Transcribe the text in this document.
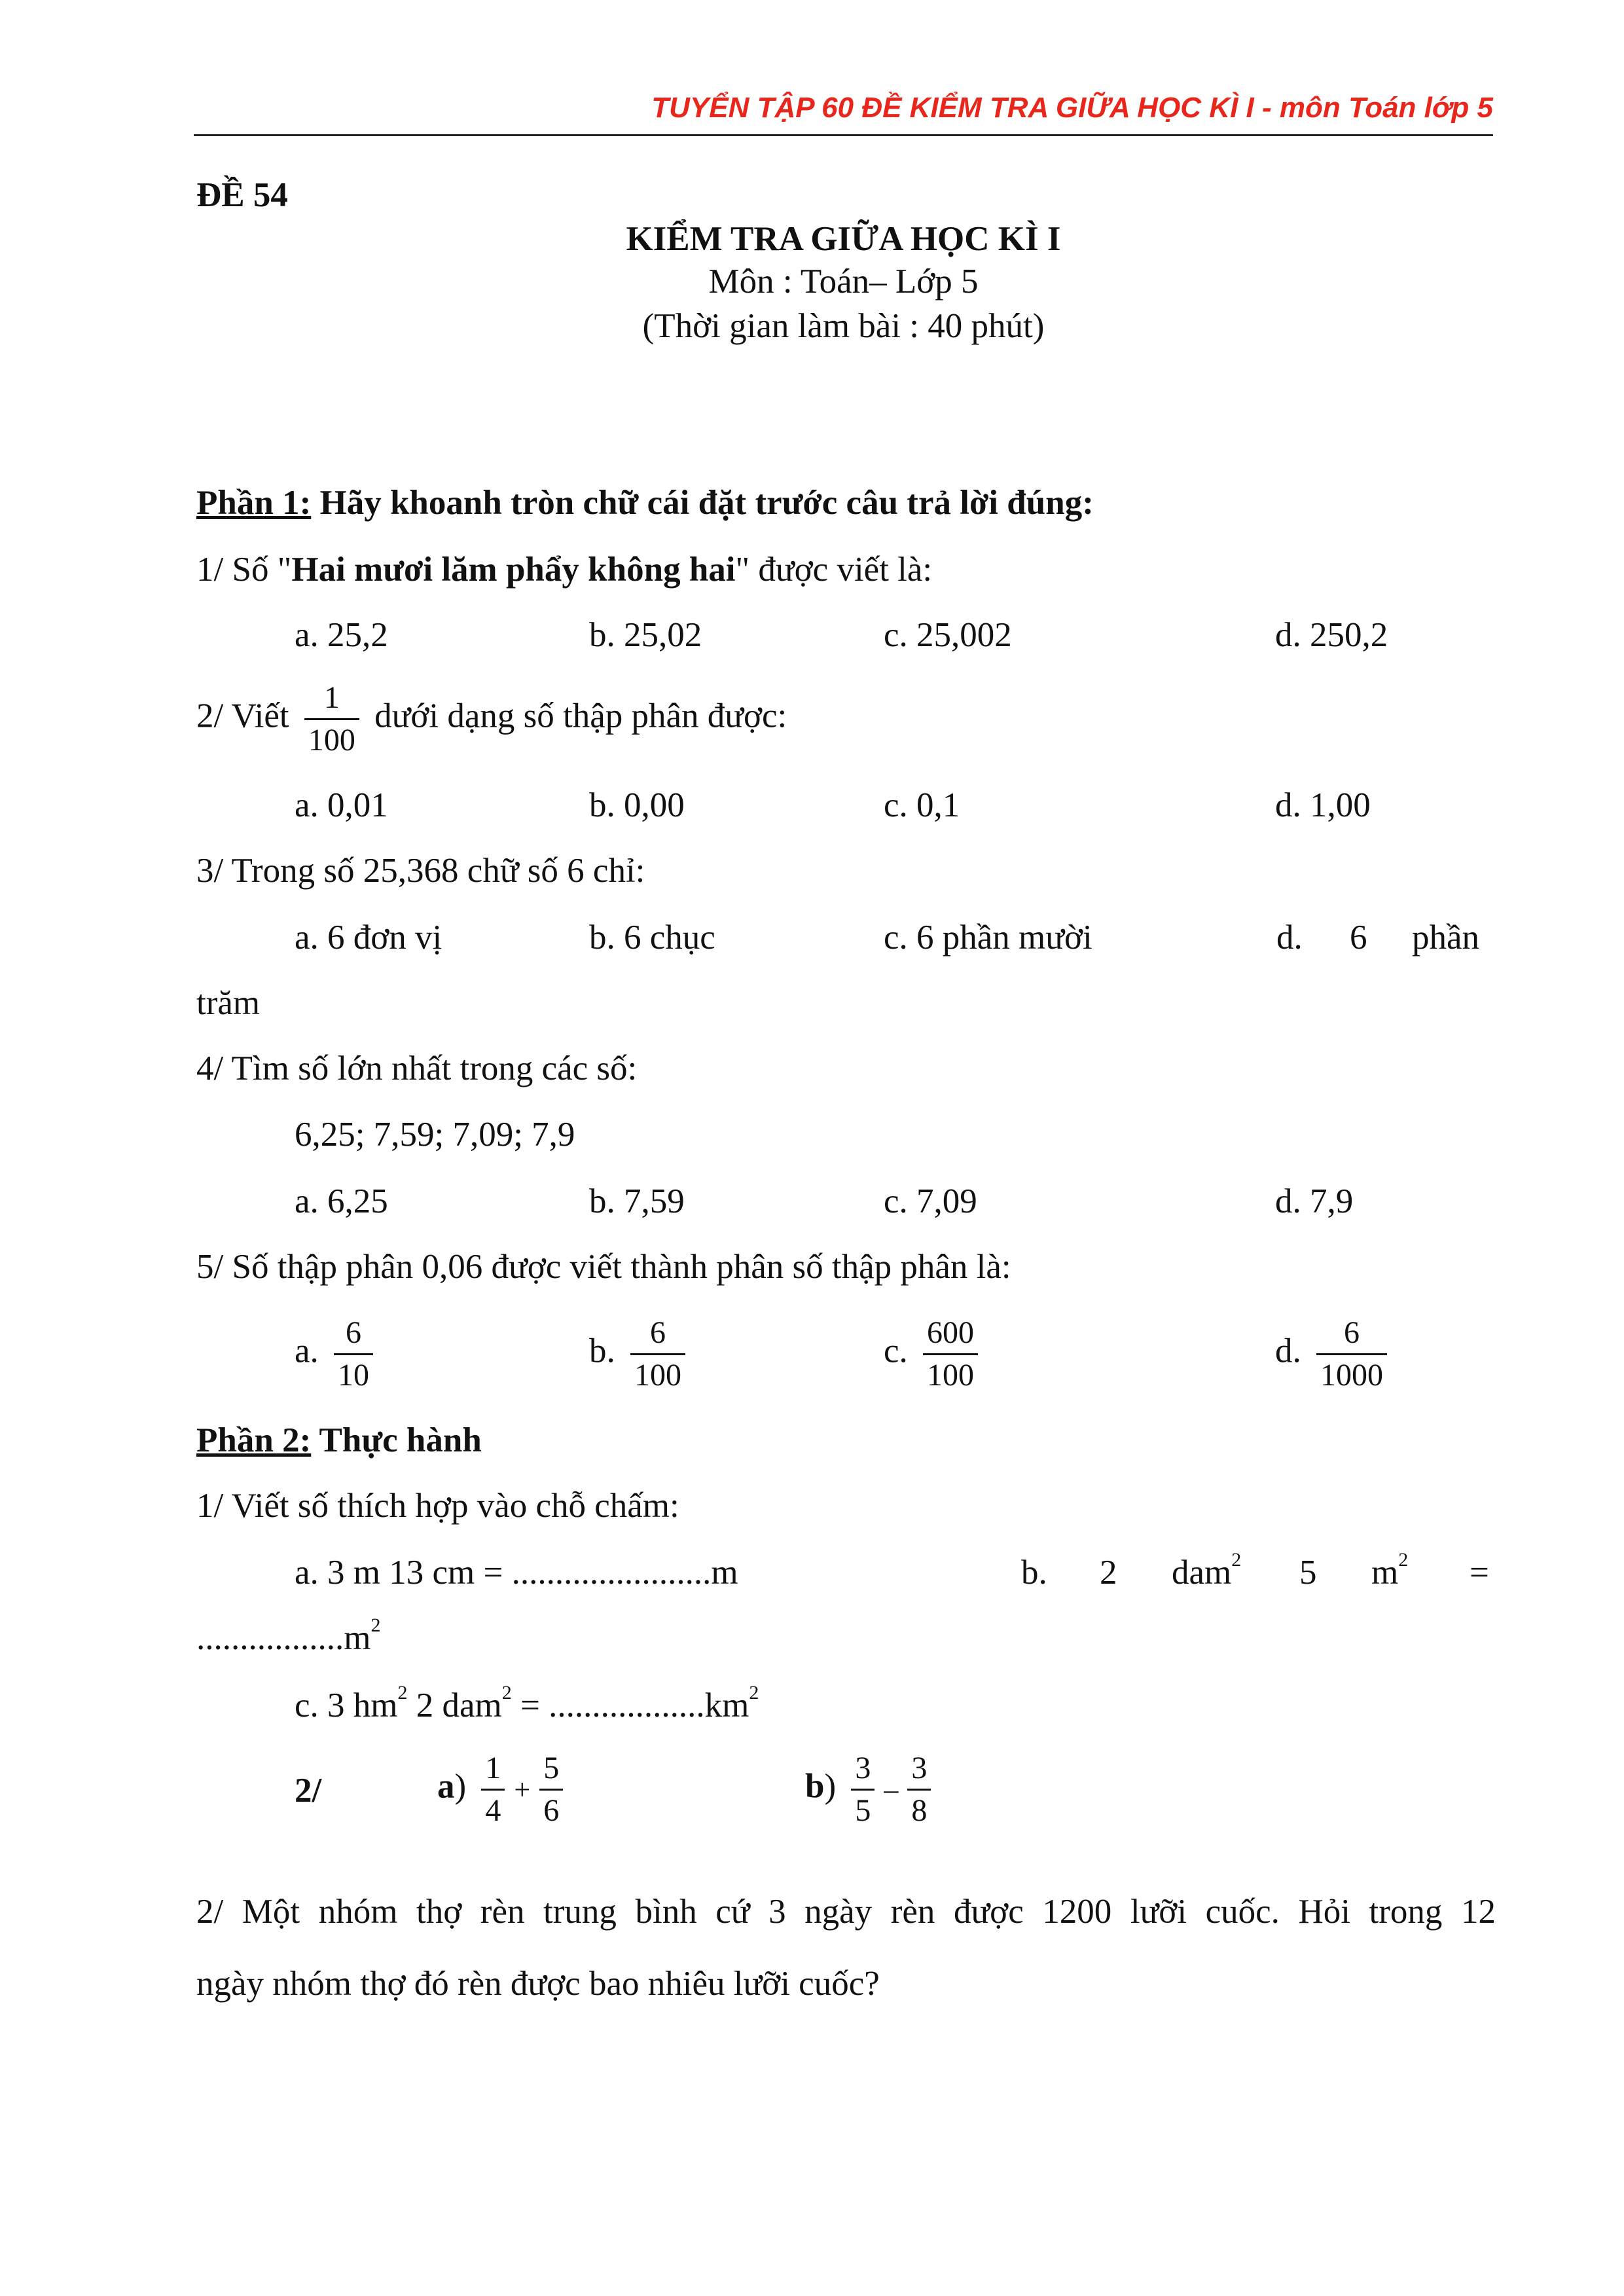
TUYỂN TẬP 60 ĐỀ KIỂM TRA GIỮA HỌC KÌ I - môn Toán lớp 5
ĐỀ 54
KIỂM TRA GIỮA HỌC KÌ I
Môn : Toán– Lớp 5
(Thời gian làm bài : 40 phút)
Phần 1: Hãy khoanh tròn chữ cái đặt trước câu trả lời đúng:
1/ Số "Hai mươi lăm phẩy không hai" được viết là:
a. 25,2	b. 25,02	c. 25,002	d. 250,2
2/ Viết $\frac{1}{100}$ dưới dạng số thập phân được:
a. 0,01	b. 0,00	c. 0,1	d. 1,00
3/ Trong số 25,368 chữ số 6 chỉ:
a. 6 đơn vị	b. 6 chục	c. 6 phần mười	d. 6 phần
trăm
4/ Tìm số lớn nhất trong các số:
6,25; 7,59; 7,09; 7,9
a. 6,25	b. 7,59	c. 7,09	d. 7,9
5/ Số thập phân 0,06 được viết thành phân số thập phân là:
a. $\frac{6}{10}$	b. $\frac{6}{100}$	c. $\frac{600}{100}$	d. $\frac{6}{1000}$
Phần 2: Thực hành
1/ Viết số thích hợp vào chỗ chấm:
a. 3 m 13 cm = .......................m	b. 2 dam$^2$ 5 $m^2$ =
$.................m^2$
c. 3 $hm^2$ 2 $dam^2 = ..................km^2$
2/	$a) \frac{1}{4} + \frac{5}{6}$	$b) \frac{3}{5} - \frac{3}{8}$
2/ Một nhóm thợ rèn trung bình cứ 3 ngày rèn được 1200 lưỡi cuốc. Hỏi trong 12
ngày nhóm thợ đó rèn được bao nhiêu lưỡi cuốc?
